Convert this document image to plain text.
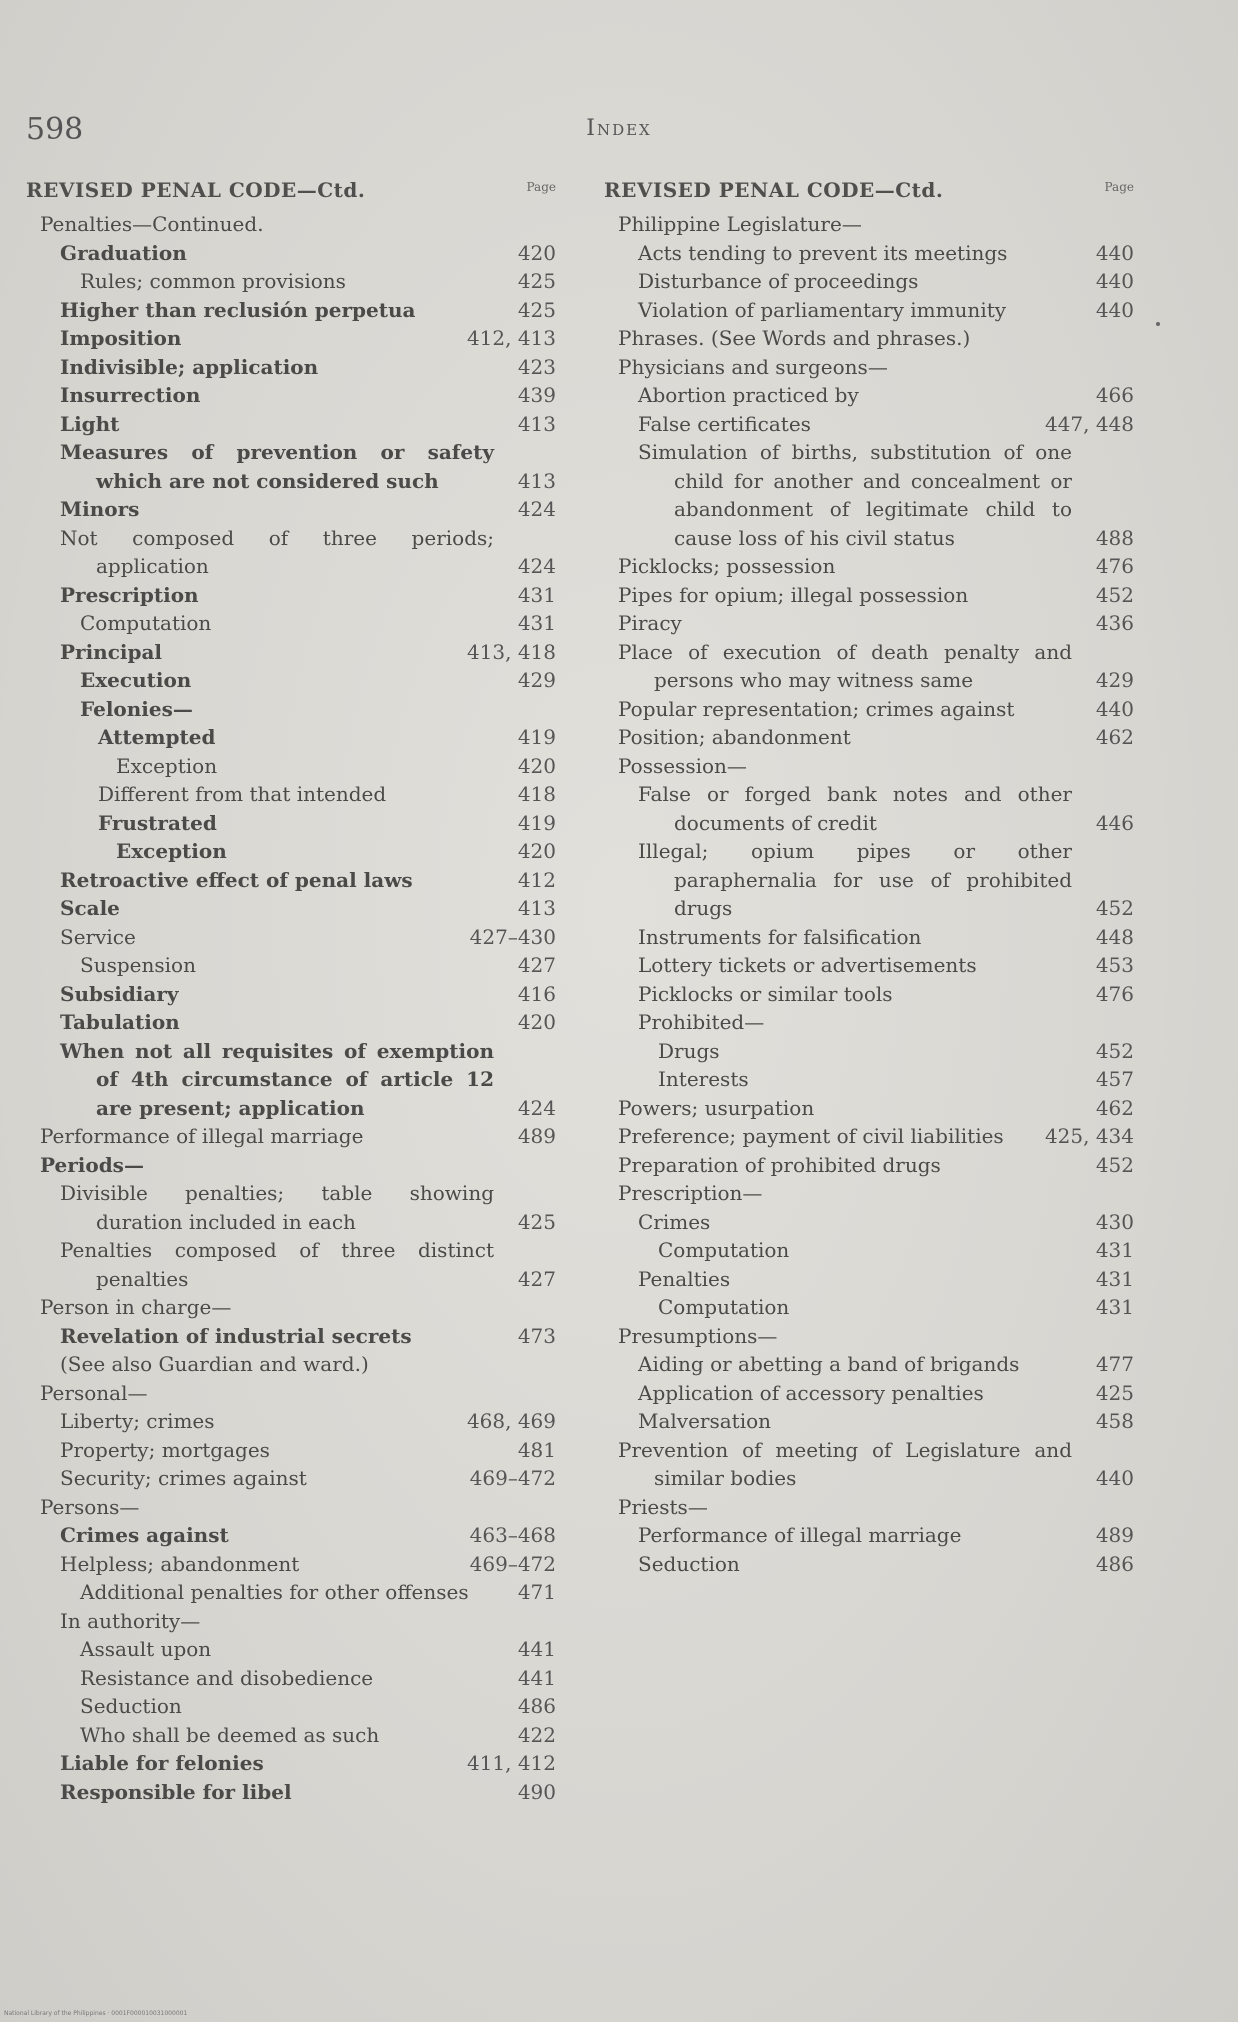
598	Index
REVISED PENAL CODE—Ctd.	Page
Penalties—Continued.
Graduation	420
Rules; common provisions	425
Higher than reclusión perpetua	425
Imposition	412, 413
Indivisible; application	423
Insurrection	439
Light	413
Measures of prevention or safety which are not considered such	413
Minors	424
Not composed of three periods; application	424
Prescription	431
Computation	431
Principal	413, 418
Execution	429
Felonies—
Attempted	419
Exception	420
Different from that intended	418
Frustrated	419
Exception	420
Retroactive effect of penal laws	412
Scale	413
Service	427–430
Suspension	427
Subsidiary	416
Tabulation	420
When not all requisites of exemption of 4th circumstance of article 12 are present; application	424
Performance of illegal marriage	489
Periods—
Divisible penalties; table showing duration included in each	425
Penalties composed of three distinct penalties	427
Person in charge—
Revelation of industrial secrets	473
(See also Guardian and ward.)
Personal—
Liberty; crimes	468, 469
Property; mortgages	481
Security; crimes against	469–472
Persons—
Crimes against	463–468
Helpless; abandonment	469–472
Additional penalties for other offenses	471
In authority—
Assault upon	441
Resistance and disobedience	441
Seduction	486
Who shall be deemed as such	422
Liable for felonies	411, 412
Responsible for libel	490
REVISED PENAL CODE—Ctd.	Page
Philippine Legislature—
Acts tending to prevent its meetings	440
Disturbance of proceedings	440
Violation of parliamentary immunity	440
Phrases. (See Words and phrases.)
Physicians and surgeons—
Abortion practiced by	466
False certificates	447, 448
Simulation of births, substitution of one child for another and concealment or abandonment of legitimate child to cause loss of his civil status	488
Picklocks; possession	476
Pipes for opium; illegal possession	452
Piracy	436
Place of execution of death penalty and persons who may witness same	429
Popular representation; crimes against	440
Position; abandonment	462
Possession—
False or forged bank notes and other documents of credit	446
Illegal; opium pipes or other paraphernalia for use of prohibited drugs	452
Instruments for falsification	448
Lottery tickets or advertisements	453
Picklocks or similar tools	476
Prohibited—
Drugs	452
Interests	457
Powers; usurpation	462
Preference; payment of civil liabilities	425, 434
Preparation of prohibited drugs	452
Prescription—
Crimes	430
Computation	431
Penalties	431
Computation	431
Presumptions—
Aiding or abetting a band of brigands	477
Application of accessory penalties	425
Malversation	458
Prevention of meeting of Legislature and similar bodies	440
Priests—
Performance of illegal marriage	489
Seduction	486
National Library of the Philippines · 0001F000010031000001
